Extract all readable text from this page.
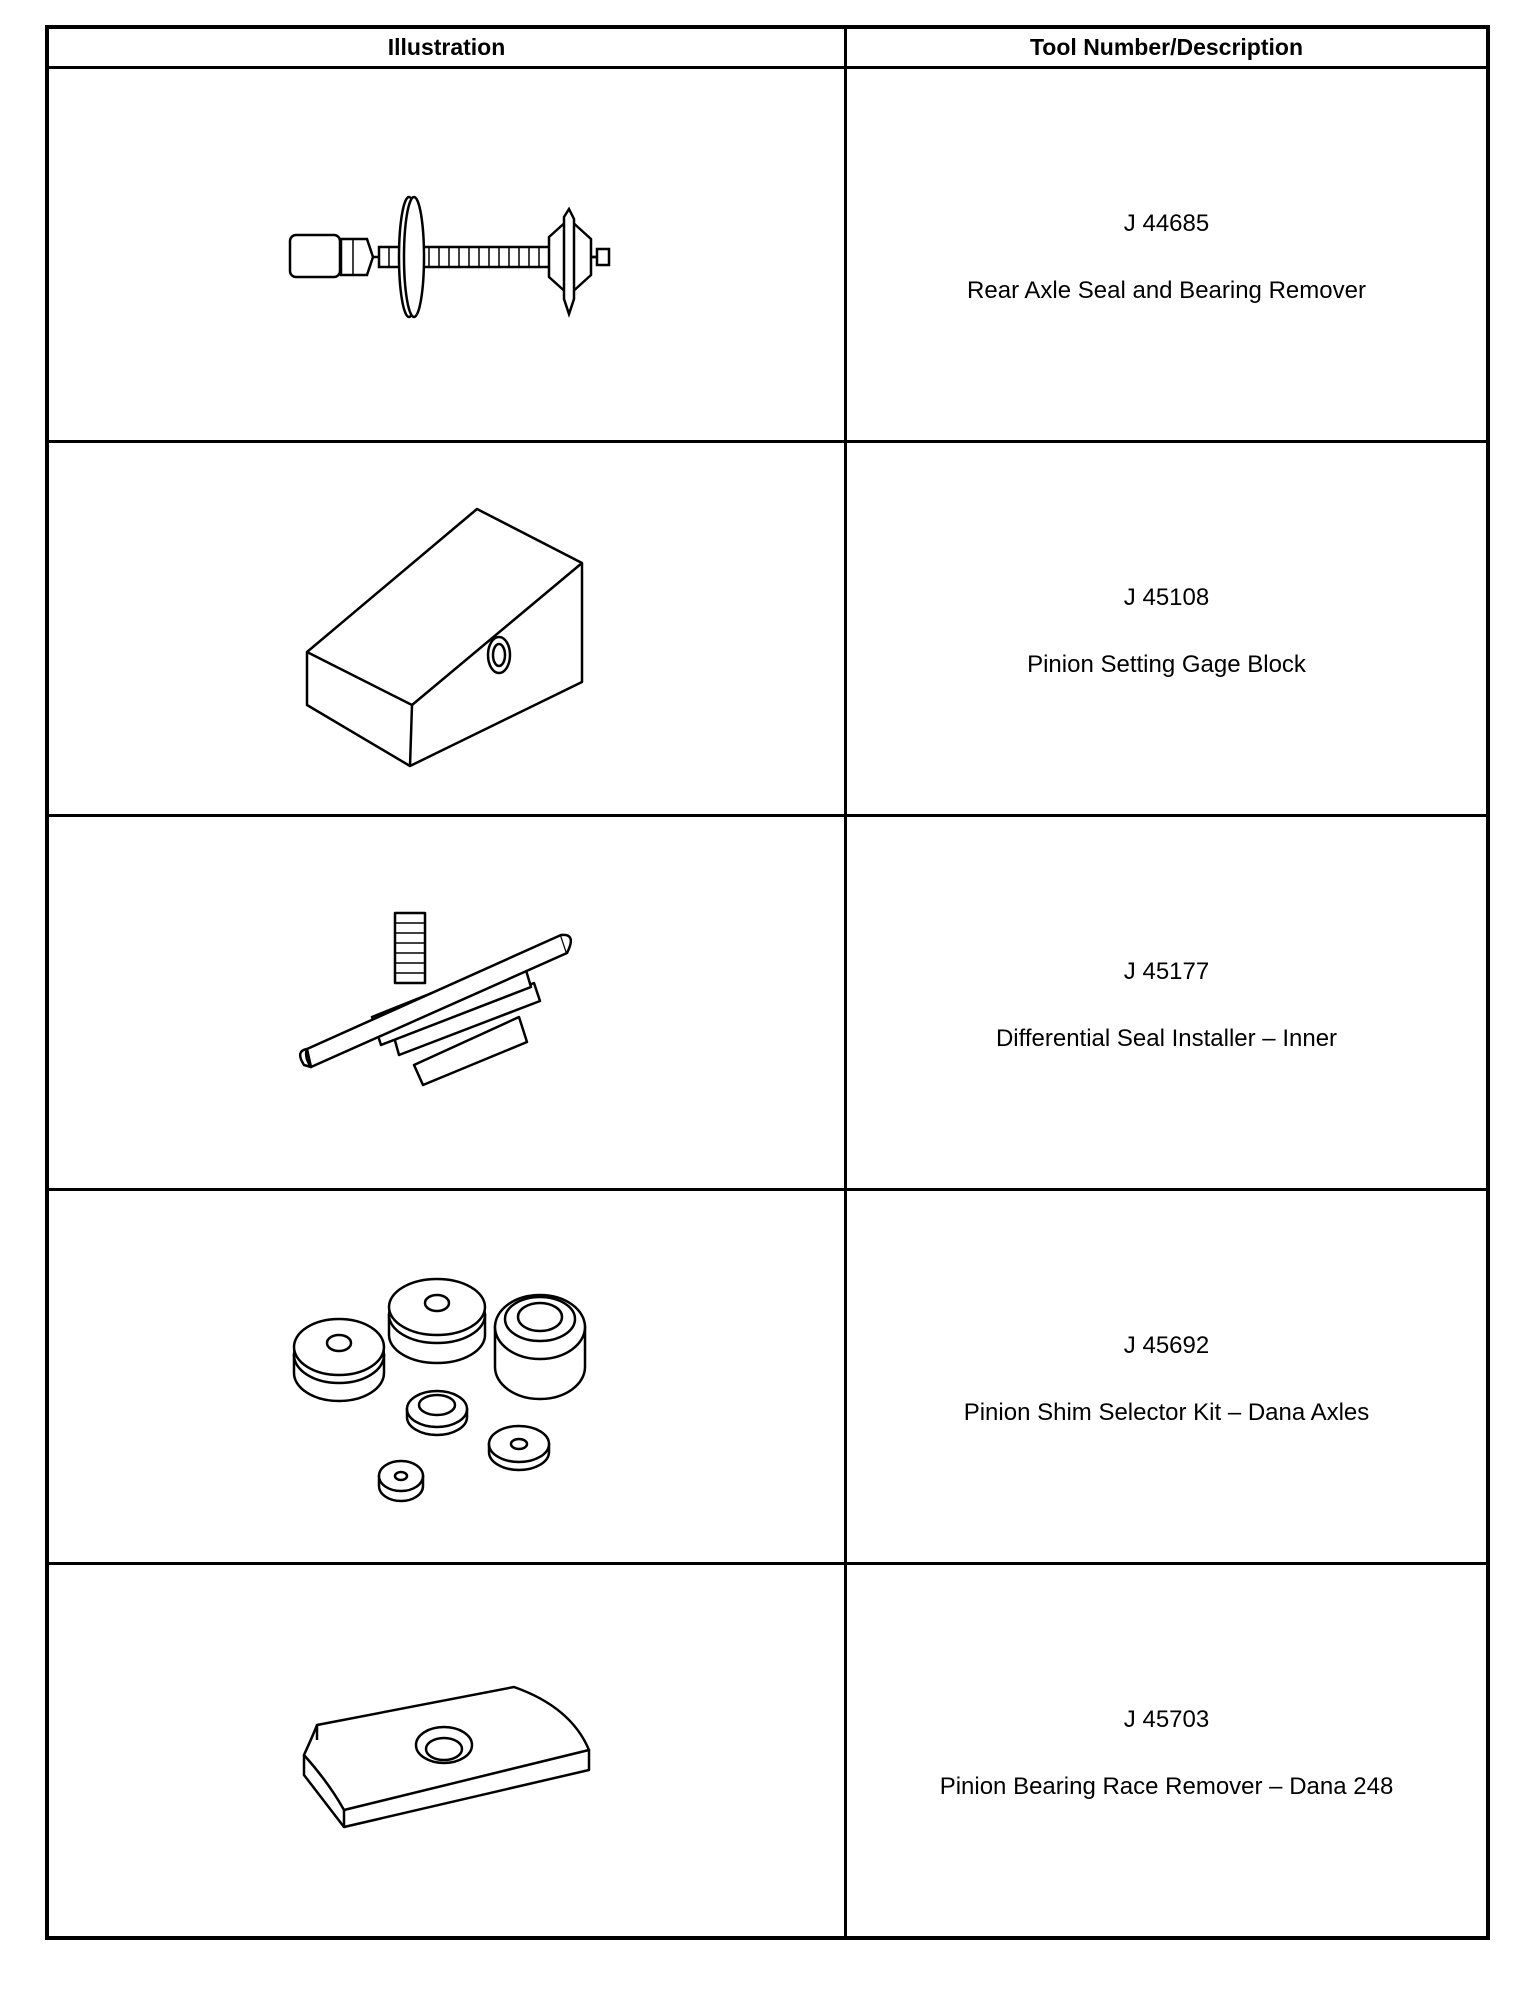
Illustration	Tool Number/Description
J 44685
Rear Axle Seal and Bearing Remover
J 45108
Pinion Setting Gage Block
J 45177
Differential Seal Installer – Inner
J 45692
Pinion Shim Selector Kit – Dana Axles
J 45703
Pinion Bearing Race Remover – Dana 248
